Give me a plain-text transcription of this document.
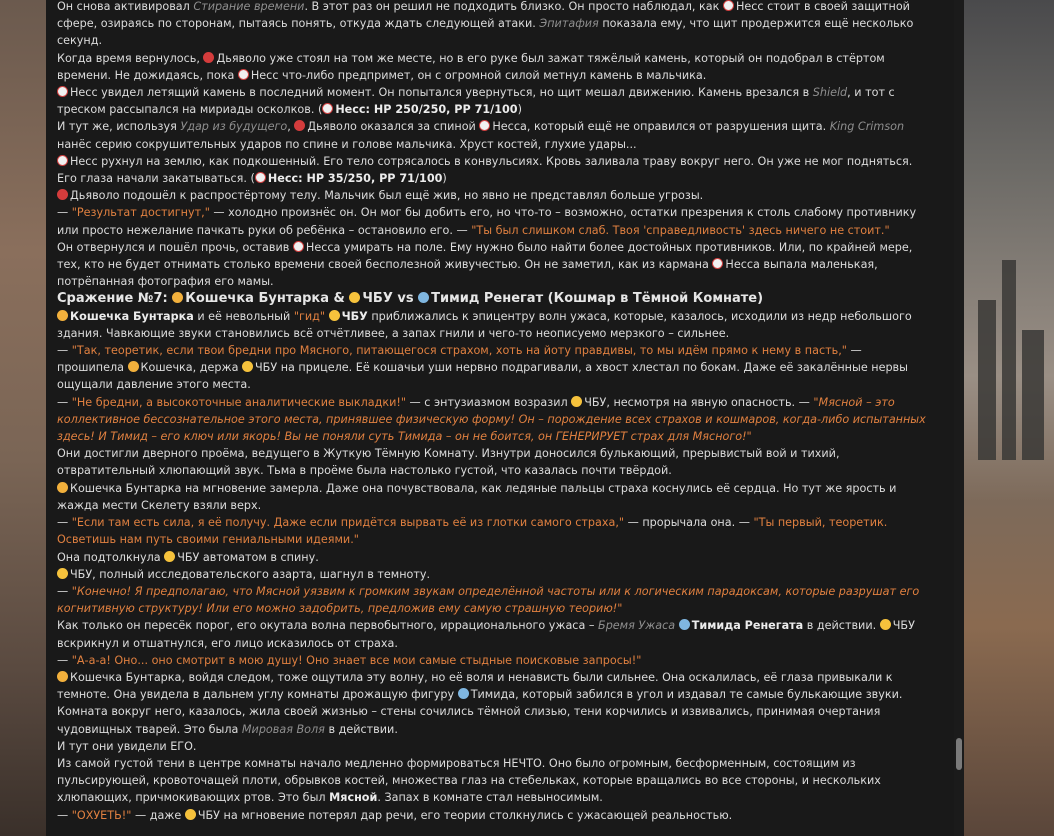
Он снова активировал Стирание времени. В этот раз он решил не подходить близко. Он просто наблюдал, как Несс стоит в своей защитной сфере, озираясь по сторонам, пытаясь понять, откуда ждать следующей атаки. Эпитафия показала ему, что щит продержится ещё несколько секунд.

Когда время вернулось, Дьяволо уже стоял на том же месте, но в его руке был зажат тяжёлый камень, который он подобрал в стёртом времени. Не дожидаясь, пока Несс что-либо предпримет, он с огромной силой метнул камень в мальчика.

Несс увидел летящий камень в последний момент. Он попытался увернуться, но щит мешал движению. Камень врезался в Shield, и тот с треском рассыпался на мириады осколков. ( Несс: HP 250/250, PP 71/100)

И тут же, используя Удар из будущего, Дьяволо оказался за спиной Несса, который ещё не оправился от разрушения щита. King Crimson нанёс серию сокрушительных ударов по спине и голове мальчика. Хруст костей, глухие удары...

Несс рухнул на землю, как подкошенный. Его тело сотрясалось в конвульсиях. Кровь заливала траву вокруг него. Он уже не мог подняться. Его глаза начали закатываться. ( Несс: HP 35/250, PP 71/100)

Дьяволо подошёл к распростёртому телу. Мальчик был ещё жив, но явно не представлял больше угрозы.

— "Результат достигнут," — холодно произнёс он. Он мог бы добить его, но что-то – возможно, остатки презрения к столь слабому противнику или просто нежелание пачкать руки об ребёнка – остановило его. — "Ты был слишком слаб. Твоя 'справедливость' здесь ничего не стоит."

Он отвернулся и пошёл прочь, оставив Несса умирать на поле. Ему нужно было найти более достойных противников. Или, по крайней мере, тех, кто не будет отнимать столько времени своей бесполезной живучестью. Он не заметил, как из кармана Несса выпала маленькая, потрёпанная фотография его мамы.

Сражение №7: Кошечка Бунтарка & ЧБУ vs Тимид Ренегат (Кошмар в Тёмной Комнате)

Кошечка Бунтарка и её невольный "гид" ЧБУ приближались к эпицентру волн ужаса, которые, казалось, исходили из недр небольшого здания. Чавкающие звуки становились всё отчётливее, а запах гнили и чего-то неописуемо мерзкого – сильнее.

— "Так, теоретик, если твои бредни про Мясного, питающегося страхом, хоть на йоту правдивы, то мы идём прямо к нему в пасть," — прошипела Кошечка, держа ЧБУ на прицеле. Её кошачьи уши нервно подрагивали, а хвост хлестал по бокам. Даже её закалённые нервы ощущали давление этого места.

— "Не бредни, а высокоточные аналитические выкладки!" — с энтузиазмом возразил ЧБУ, несмотря на явную опасность. — "Мясной – это коллективное бессознательное этого места, принявшее физическую форму! Он – порождение всех страхов и кошмаров, когда-либо испытанных здесь! И Тимид – его ключ или якорь! Вы не поняли суть Тимида – он не боится, он ГЕНЕРИРУЕТ страх для Мясного!"

Они достигли дверного проёма, ведущего в Жуткую Тёмную Комнату. Изнутри доносился булькающий, прерывистый вой и тихий, отвратительный хлюпающий звук. Тьма в проёме была настолько густой, что казалась почти твёрдой.

Кошечка Бунтарка на мгновение замерла. Даже она почувствовала, как ледяные пальцы страха коснулись её сердца. Но тут же ярость и жажда мести Скелету взяли верх.

— "Если там есть сила, я её получу. Даже если придётся вырвать её из глотки самого страха," — прорычала она. — "Ты первый, теоретик. Осветишь нам путь своими гениальными идеями."

Она подтолкнула ЧБУ автоматом в спину.

ЧБУ, полный исследовательского азарта, шагнул в темноту.

— "Конечно! Я предполагаю, что Мясной уязвим к громким звукам определённой частоты или к логическим парадоксам, которые разрушат его когнитивную структуру! Или его можно задобрить, предложив ему самую страшную теорию!"

Как только он пересёк порог, его окутала волна первобытного, иррационального ужаса – Бремя Ужаса Тимида Ренегата в действии. ЧБУ вскрикнул и отшатнулся, его лицо исказилось от страха.

— "А-а-а! Оно... оно смотрит в мою душу! Оно знает все мои самые стыдные поисковые запросы!"

Кошечка Бунтарка, войдя следом, тоже ощутила эту волну, но её воля и ненависть были сильнее. Она оскалилась, её глаза привыкали к темноте. Она увидела в дальнем углу комнаты дрожащую фигуру Тимида, который забился в угол и издавал те самые булькающие звуки. Комната вокруг него, казалось, жила своей жизнью – стены сочились тёмной слизью, тени корчились и извивались, принимая очертания чудовищных тварей. Это была Мировая Воля в действии.

И тут они увидели ЕГО.

Из самой густой тени в центре комнаты начало медленно формироваться НЕЧТО. Оно было огромным, бесформенным, состоящим из пульсирующей, кровоточащей плоти, обрывков костей, множества глаз на стебельках, которые вращались во все стороны, и нескольких хлюпающих, причмокивающих ртов. Это был Мясной. Запах в комнате стал невыносимым.

— "ОХУЕТЬ!" — даже ЧБУ на мгновение потерял дар речи, его теории столкнулись с ужасающей реальностью.
